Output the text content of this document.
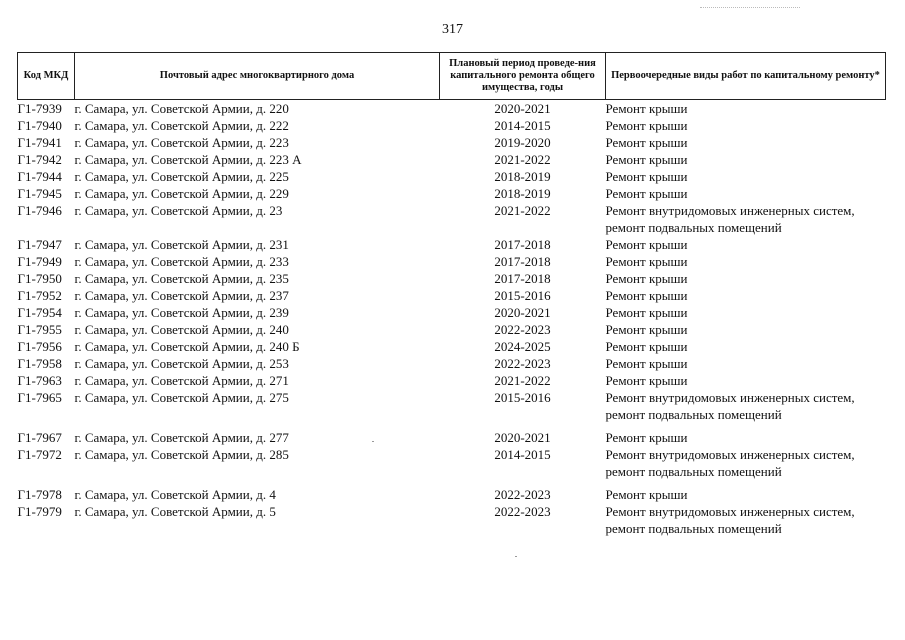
317
Код МКД	Почтовый адрес многоквартирного дома	Плановый период проведе-ния капитального ремонта общего имущества, годы	Первоочередные виды работ по капитальному ремонту*
Г1-7939	г. Самара, ул. Советской Армии, д. 220	2020-2021	Ремонт крыши

Г1-7940	г. Самара, ул. Советской Армии, д. 222	2014-2015	Ремонт крыши

Г1-7941	г. Самара, ул. Советской Армии, д. 223	2019-2020	Ремонт крыши

Г1-7942	г. Самара, ул. Советской Армии, д. 223 А	2021-2022	Ремонт крыши

Г1-7944	г. Самара, ул. Советской Армии, д. 225	2018-2019	Ремонт крыши

Г1-7945	г. Самара, ул. Советской Армии, д. 229	2018-2019	Ремонт крыши

Г1-7946	г. Самара, ул. Советской Армии, д. 23	2021-2022	Ремонт внутридомовых инженерных систем,
ремонт подвальных помещений

Г1-7947	г. Самара, ул. Советской Армии, д. 231	2017-2018	Ремонт крыши

Г1-7949	г. Самара, ул. Советской Армии, д. 233	2017-2018	Ремонт крыши

Г1-7950	г. Самара, ул. Советской Армии, д. 235	2017-2018	Ремонт крыши

Г1-7952	г. Самара, ул. Советской Армии, д. 237	2015-2016	Ремонт крыши

Г1-7954	г. Самара, ул. Советской Армии, д. 239	2020-2021	Ремонт крыши

Г1-7955	г. Самара, ул. Советской Армии, д. 240	2022-2023	Ремонт крыши

Г1-7956	г. Самара, ул. Советской Армии, д. 240 Б	2024-2025	Ремонт крыши

Г1-7958	г. Самара, ул. Советской Армии, д. 253	2022-2023	Ремонт крыши

Г1-7963	г. Самара, ул. Советской Армии, д. 271	2021-2022	Ремонт крыши

Г1-7965	г. Самара, ул. Советской Армии, д. 275	2015-2016	Ремонт внутридомовых инженерных систем,
ремонт подвальных помещений

Г1-7967	г. Самара, ул. Советской Армии, д. 277	2020-2021	Ремонт крыши

Г1-7972	г. Самара, ул. Советской Армии, д. 285	2014-2015	Ремонт внутридомовых инженерных систем,
ремонт подвальных помещений

Г1-7978	г. Самара, ул. Советской Армии, д. 4	2022-2023	Ремонт крыши

Г1-7979	г. Самара, ул. Советской Армии, д. 5	2022-2023	Ремонт внутридомовых инженерных систем,
ремонт подвальных помещений
